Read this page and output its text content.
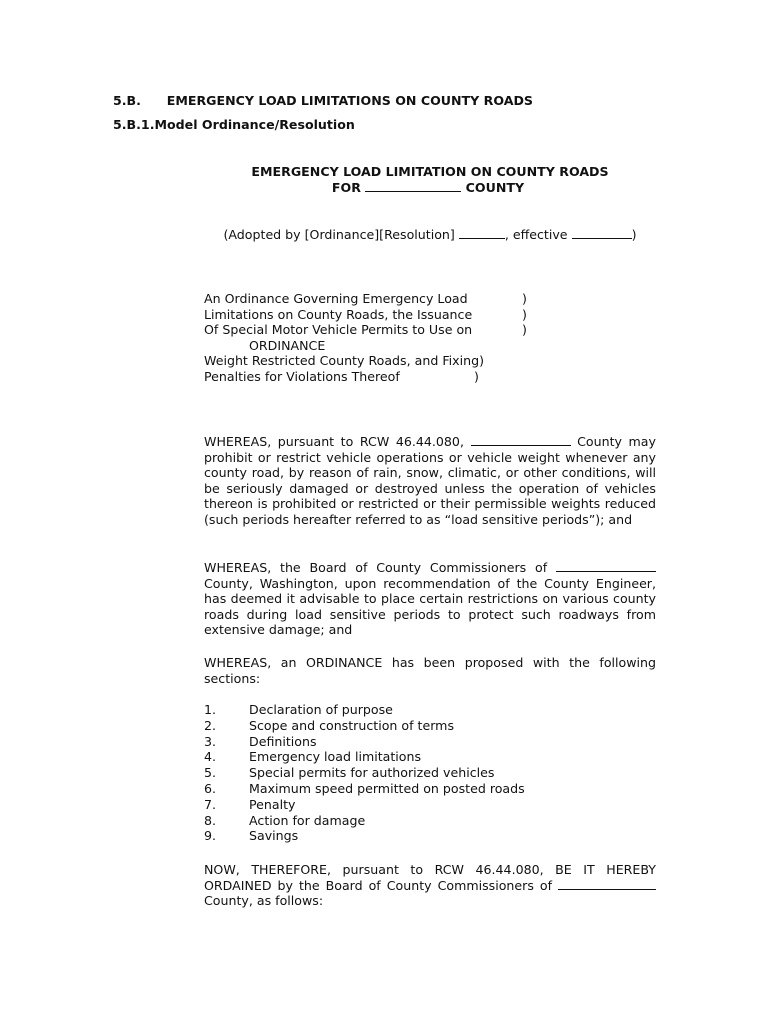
5.B. EMERGENCY LOAD LIMITATIONS ON COUNTY ROADS
5.B.1.Model Ordinance/Resolution
EMERGENCY LOAD LIMITATION ON COUNTY ROADS
FOR	COUNTY
(Adopted by [Ordinance][Resolution]	, effective	)
An Ordinance Governing Emergency Load	)
Limitations on County Roads, the Issuance	)
Of Special Motor Vehicle Permits to Use on	)
ORDINANCE
Weight Restricted County Roads, and Fixing)
Penalties for Violations Thereof	)
WHEREAS, pursuant to RCW 46.44.080,	County may prohibit or restrict vehicle operations or vehicle weight whenever any county road, by reason of rain, snow, climatic, or other conditions, will be seriously damaged or destroyed unless the operation of vehicles thereon is prohibited or restricted or their permissible weights reduced (such periods hereafter referred to as “load sensitive periods”); and
WHEREAS, the Board of County Commissioners of  County, Washington, upon recommendation of the County Engineer, has deemed it advisable to place certain restrictions on various county roads during load sensitive periods to protect such roadways from extensive damage; and
WHEREAS, an ORDINANCE has been proposed with the following sections:
1.	Declaration of purpose
2.	Scope and construction of terms
3.	Definitions
4.	Emergency load limitations
5.	Special permits for authorized vehicles
6.	Maximum speed permitted on posted roads
7.	Penalty
8.	Action for damage
9.	Savings
NOW, THEREFORE, pursuant to RCW 46.44.080, BE IT HEREBY ORDAINED by the Board of County Commissioners of  County, as follows:
